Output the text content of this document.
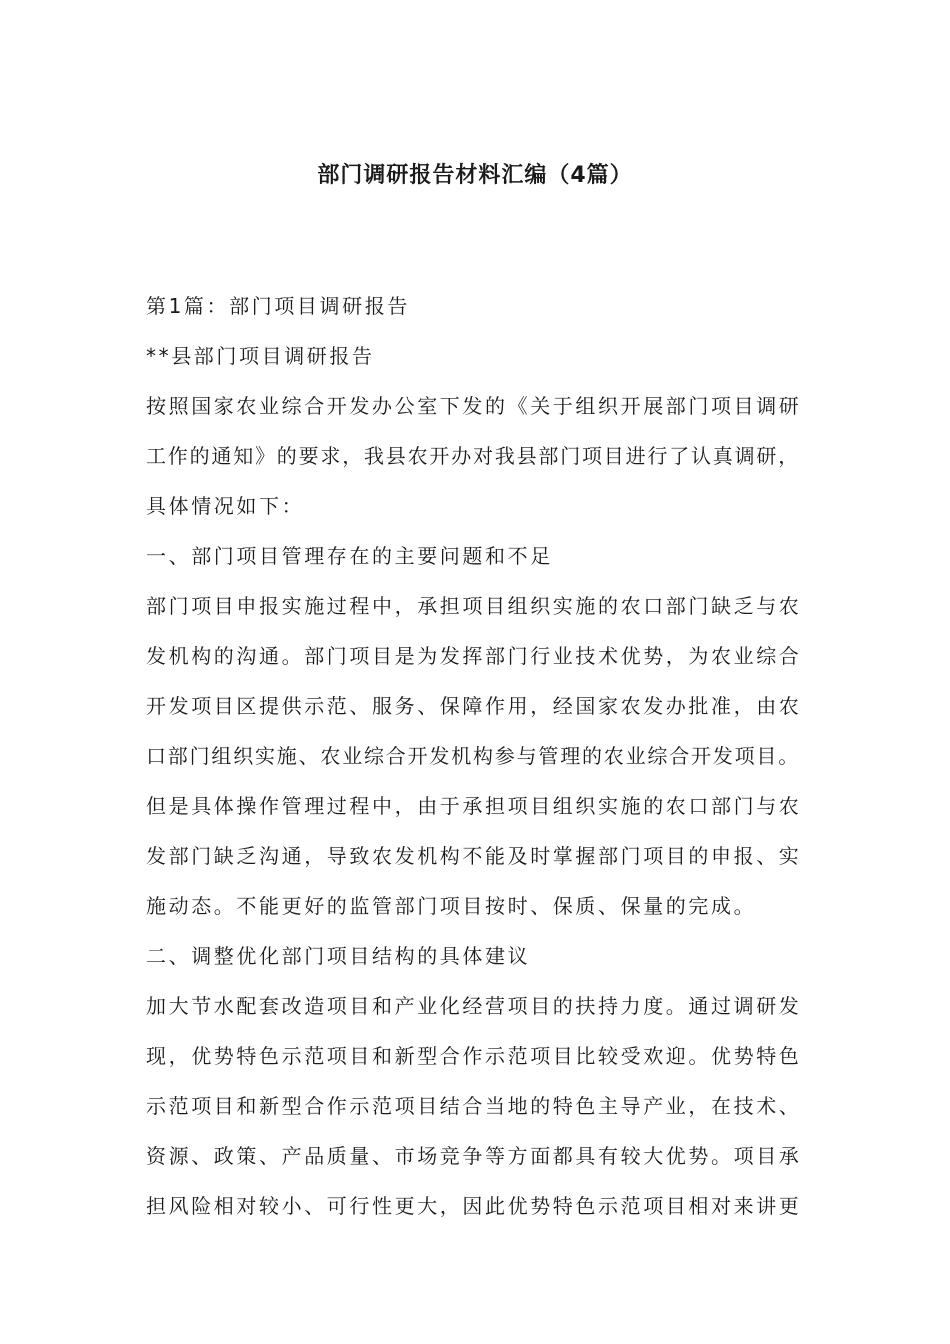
部门调研报告材料汇编（4篇）
第1篇：部门项目调研报告
**县部门项目调研报告
按照国家农业综合开发办公室下发的《关于组织开展部门项目调研
工作的通知》的要求，我县农开办对我县部门项目进行了认真调研，
具体情况如下：
一、部门项目管理存在的主要问题和不足
部门项目申报实施过程中，承担项目组织实施的农口部门缺乏与农
发机构的沟通。部门项目是为发挥部门行业技术优势，为农业综合
开发项目区提供示范、服务、保障作用，经国家农发办批准，由农
口部门组织实施、农业综合开发机构参与管理的农业综合开发项目。
但是具体操作管理过程中，由于承担项目组织实施的农口部门与农
发部门缺乏沟通，导致农发机构不能及时掌握部门项目的申报、实
施动态。不能更好的监管部门项目按时、保质、保量的完成。
二、调整优化部门项目结构的具体建议
加大节水配套改造项目和产业化经营项目的扶持力度。通过调研发
现，优势特色示范项目和新型合作示范项目比较受欢迎。优势特色
示范项目和新型合作示范项目结合当地的特色主导产业，在技术、
资源、政策、产品质量、市场竞争等方面都具有较大优势。项目承
担风险相对较小、可行性更大，因此优势特色示范项目相对来讲更
